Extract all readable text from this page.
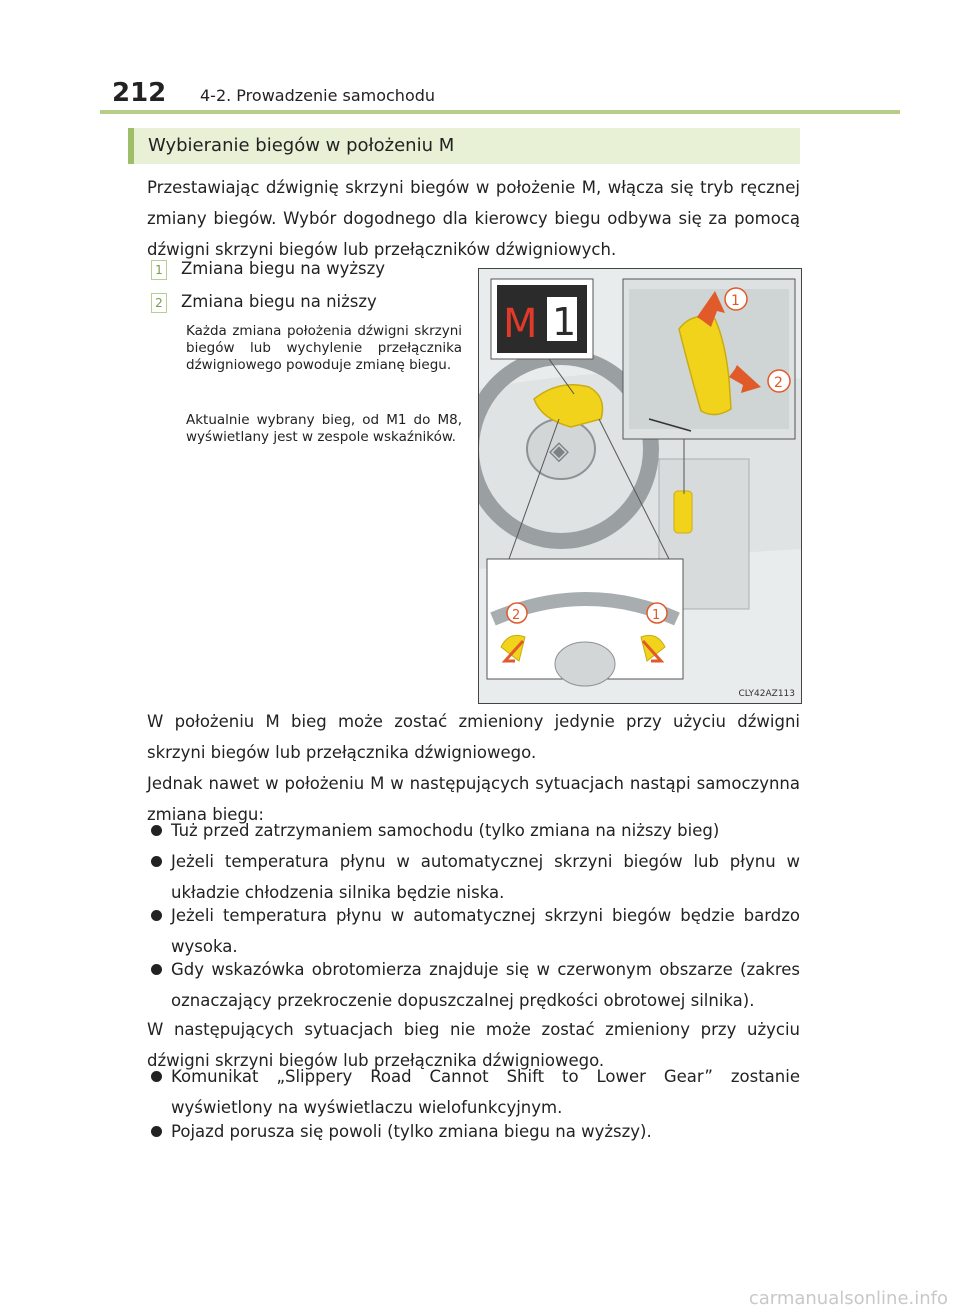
212 4-2. Prowadzenie samochodu
Wybieranie biegów w położeniu M
Przestawiając dźwignię skrzyni biegów w położenie M, włącza się tryb ręcznej zmiany biegów. Wybór dogodnego dla kierowcy biegu odbywa się za pomocą dźwigni skrzyni biegów lub przełączników dźwigniowych.
1 Zmiana biegu na wyższy
2 Zmiana biegu na niższy
Każda zmiana położenia dźwigni skrzyni biegów lub wychylenie przełącznika dźwigniowego powoduje zmianę biegu.
Aktualnie wybrany bieg, od M1 do M8, wyświetlany jest w zespole wskaźników.	◈
M 1	1
2
2	1
CLY42AZ113
W położeniu M bieg może zostać zmieniony jedynie przy użyciu dźwigni skrzyni biegów lub przełącznika dźwigniowego.
Jednak nawet w położeniu M w następujących sytuacjach nastąpi samoczynna zmiana biegu:
Tuż przed zatrzymaniem samochodu (tylko zmiana na niższy bieg)
Jeżeli temperatura płynu w automatycznej skrzyni biegów lub płynu w układzie chłodzenia silnika będzie niska.
Jeżeli temperatura płynu w automatycznej skrzyni biegów będzie bardzo wysoka.
Gdy wskazówka obrotomierza znajduje się w czerwonym obszarze (zakres oznaczający przekroczenie dopuszczalnej prędkości obrotowej silnika).
W następujących sytuacjach bieg nie może zostać zmieniony przy użyciu dźwigni skrzyni biegów lub przełącznika dźwigniowego.
Komunikat „Slippery Road Cannot Shift to Lower Gear” zostanie wyświetlony na wyświetlaczu wielofunkcyjnym.
Pojazd porusza się powoli (tylko zmiana biegu na wyższy).
carmanualsonline.info
